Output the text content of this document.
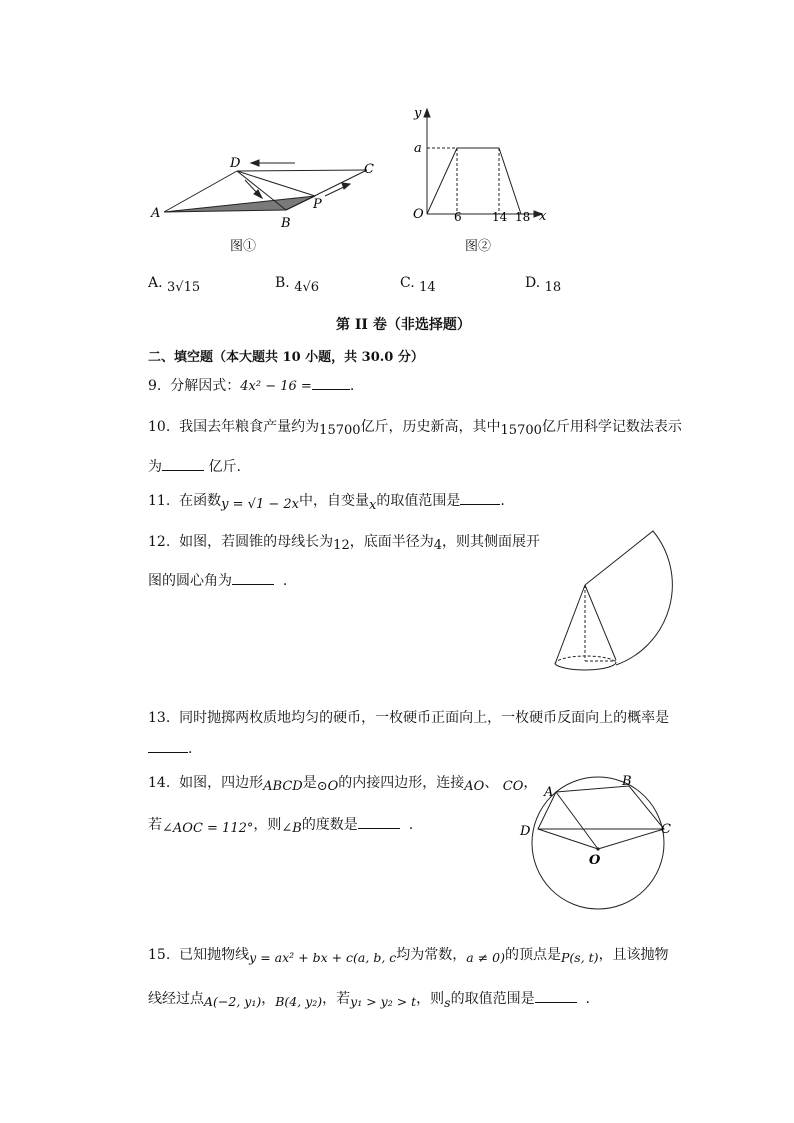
A
D	C
B
P
图①
y
x
O
a
6	14 18
图②
A. 3√15	B. 4√6	C. 14	D. 18
第 II 卷（非选择题）
二、填空题（本大题共 10 小题，共 30.0 分）
9. 分解因式：4x² − 16 =	.
10. 我国去年粮食产量约为15700亿斤，历史新高，其中15700亿斤用科学记数法表示
为	亿斤.
11. 在函数y = √1 − 2x中，自变量x的取值范围是	.
12. 如图，若圆锥的母线长为12，底面半径为4，则其侧面展开
图的圆心角为	.
13. 同时抛掷两枚质地均匀的硬币，一枚硬币正面向上，一枚硬币反面向上的概率是
.
14. 如图，四边形ABCD是⊙O的内接四边形，连接AO、 CO，
若∠AOC = 112°，则∠B的度数是	.
A
B
C
D
O
15. 已知抛物线y = ax² + bx + c(a, b, c均为常数，a ≠ 0)的顶点是P(s, t)，且该抛物
线经过点A(−2, y₁)，B(4, y₂)，若y₁ > y₂ > t，则s的取值范围是	.
